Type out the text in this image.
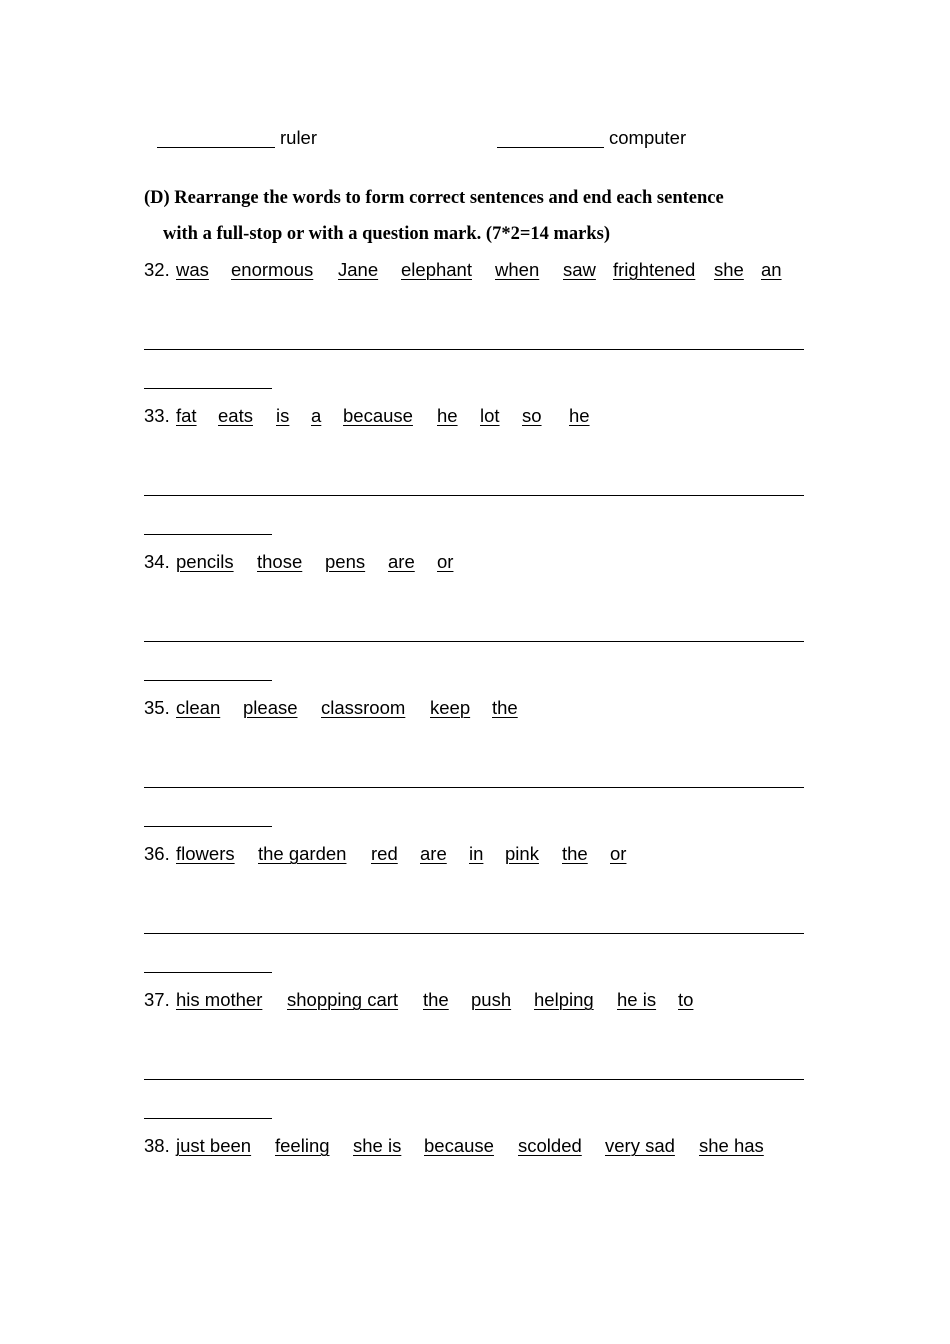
ruler	computer
(D) Rearrange the words to form correct sentences and end each sentence
with a full-stop or with a question mark. (7*2=14 marks)
32. was enormous Jane elephant when saw frightened she an
33. fat eats is a because he lot so he
34. pencils those pens are or
35. clean please classroom keep the
36. flowers the garden red are in pink the or
37. his mother shopping cart the push helping he is to
38. just been feeling she is because scolded very sad she has
